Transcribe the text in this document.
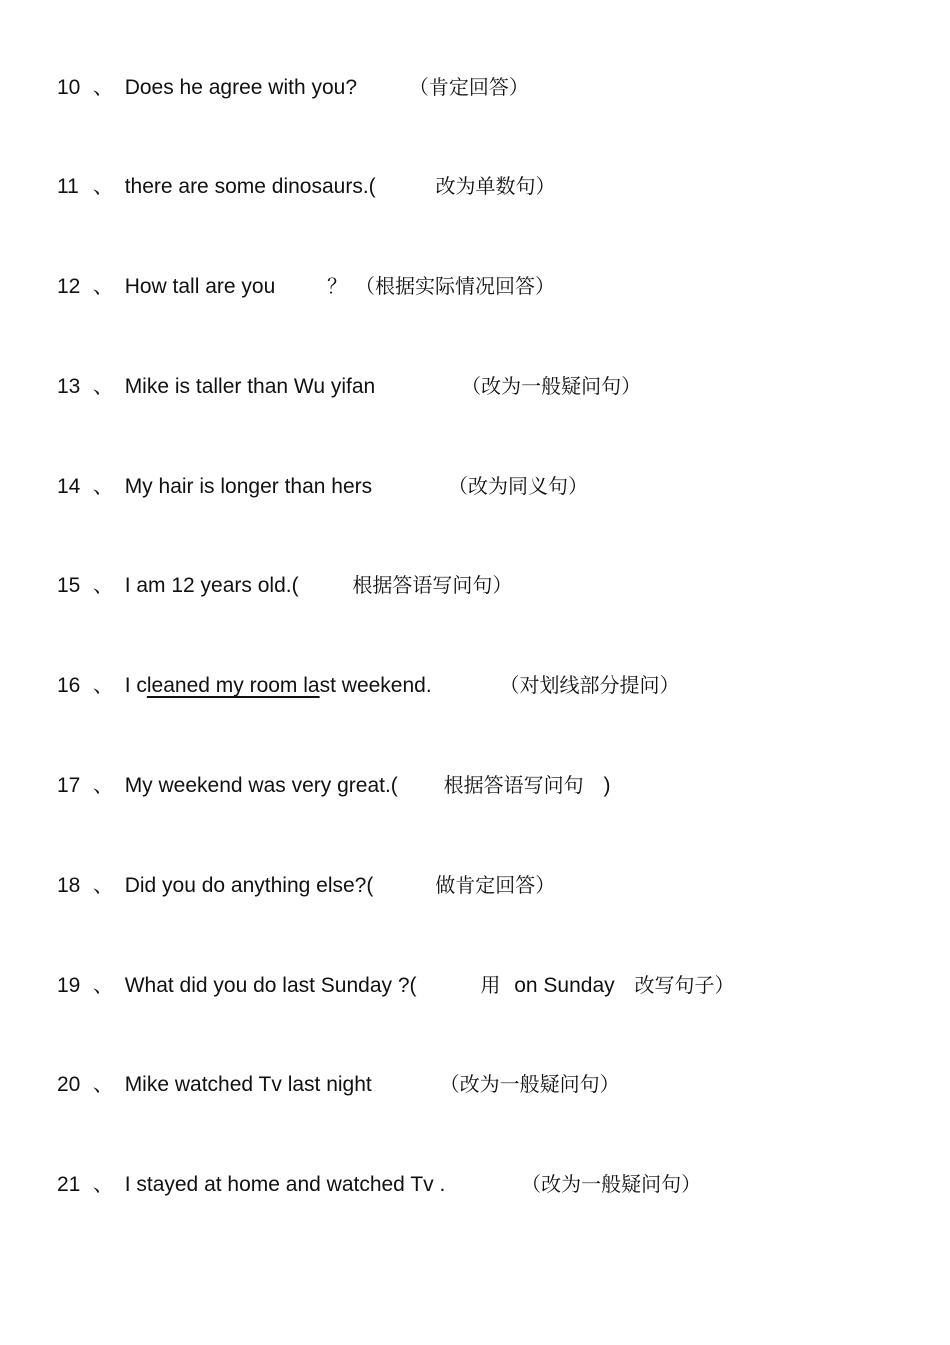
10 、 Does he agree with you?	（肯定回答）
11 、 there are some dinosaurs.(	改为单数句）
12 、 How tall are you	？ （根据实际情况回答）
13 、 Mike is taller than Wu yifan	（改为一般疑问句）
14 、 My hair is longer than hers	（改为同义句）
15 、 I am 12 years old.(	根据答语写问句）
16 、 I cleaned my room last weekend.	（对划线部分提问）
17 、 My weekend was very great.( 根据答语写问句 )
18 、 Did you do anything else?(	做肯定回答）
19 、 What did you do last Sunday ?(	用 on Sunday 改写句子）
20 、 Mike watched Tv last night	（改为一般疑问句）
21 、 I stayed at home and watched Tv .	（改为一般疑问句）
